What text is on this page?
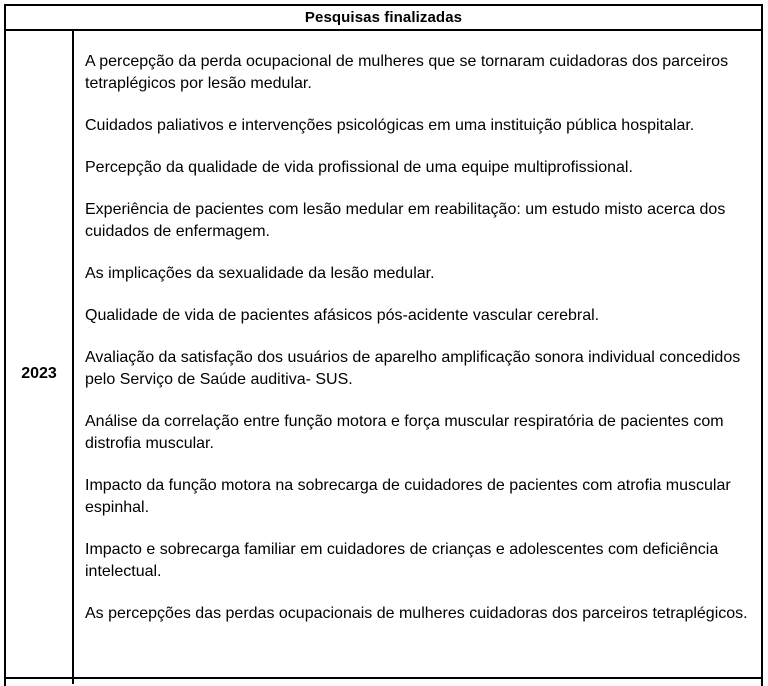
Pesquisas finalizadas
2023

A percepção da perda ocupacional de mulheres que se tornaram cuidadoras dos parceiros tetraplégicos por lesão medular.

Cuidados paliativos e intervenções psicológicas em uma instituição pública hospitalar.

Percepção da qualidade de vida profissional de uma equipe multiprofissional.

Experiência de pacientes com lesão medular em reabilitação: um estudo misto acerca dos cuidados de enfermagem.

As implicações da sexualidade da lesão medular.

Qualidade de vida de pacientes afásicos pós-acidente vascular cerebral.

Avaliação da satisfação dos usuários de aparelho amplificação sonora individual concedidos pelo Serviço de Saúde auditiva- SUS.

Análise da correlação entre função motora e força muscular respiratória de pacientes com distrofia muscular.

Impacto da função motora na sobrecarga de cuidadores de pacientes com atrofia muscular espinhal.

Impacto e sobrecarga familiar em cuidadores de crianças e adolescentes com deficiência intelectual.

As percepções das perdas ocupacionais de mulheres cuidadoras dos parceiros tetraplégicos.
